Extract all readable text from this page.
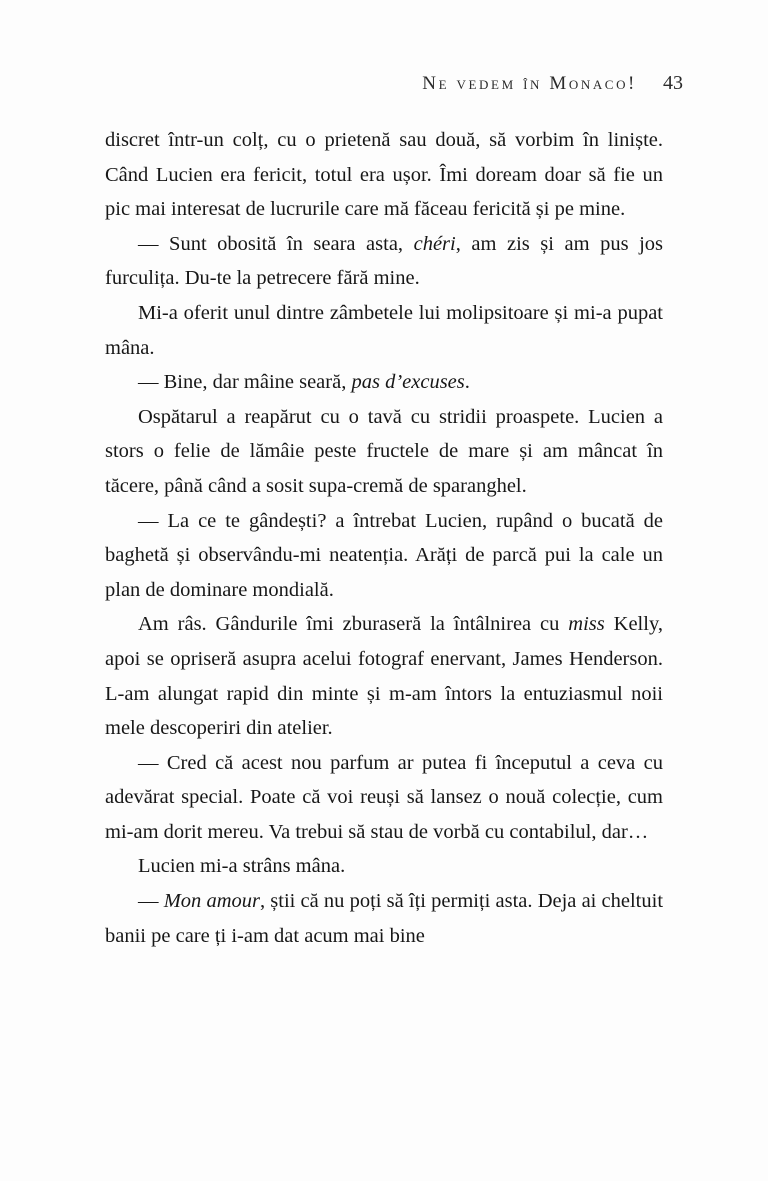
Ne vedem în Monaco! 43

discret într-un colț, cu o prietenă sau două, să vorbim în liniște. Când Lucien era fericit, totul era ușor. Îmi doream doar să fie un pic mai interesat de lucrurile care mă făceau fericită și pe mine.

— Sunt obosită în seara asta, chéri, am zis și am pus jos furculița. Du-te la petrecere fără mine.

Mi-a oferit unul dintre zâmbetele lui molipsitoare și mi-a pupat mâna.

— Bine, dar mâine seară, pas d’excuses.

Ospătarul a reapărut cu o tavă cu stridii proaspete. Lucien a stors o felie de lămâie peste fructele de mare și am mâncat în tăcere, până când a sosit supa-cremă de sparanghel.

— La ce te gândești? a întrebat Lucien, rupând o bucată de baghetă și observându-mi neatenția. Arăți de parcă pui la cale un plan de dominare mondială.

Am râs. Gândurile îmi zburaseră la întâlnirea cu miss Kelly, apoi se opriseră asupra acelui fotograf enervant, James Henderson. L-am alungat rapid din minte și m-am întors la entuziasmul noii mele descoperiri din atelier.

— Cred că acest nou parfum ar putea fi începutul a ceva cu adevărat special. Poate că voi reuși să lansez o nouă colecție, cum mi-am dorit mereu. Va trebui să stau de vorbă cu contabilul, dar…

Lucien mi-a strâns mâna.

— Mon amour, știi că nu poți să îți permiți asta. Deja ai cheltuit banii pe care ți i-am dat acum mai bine
